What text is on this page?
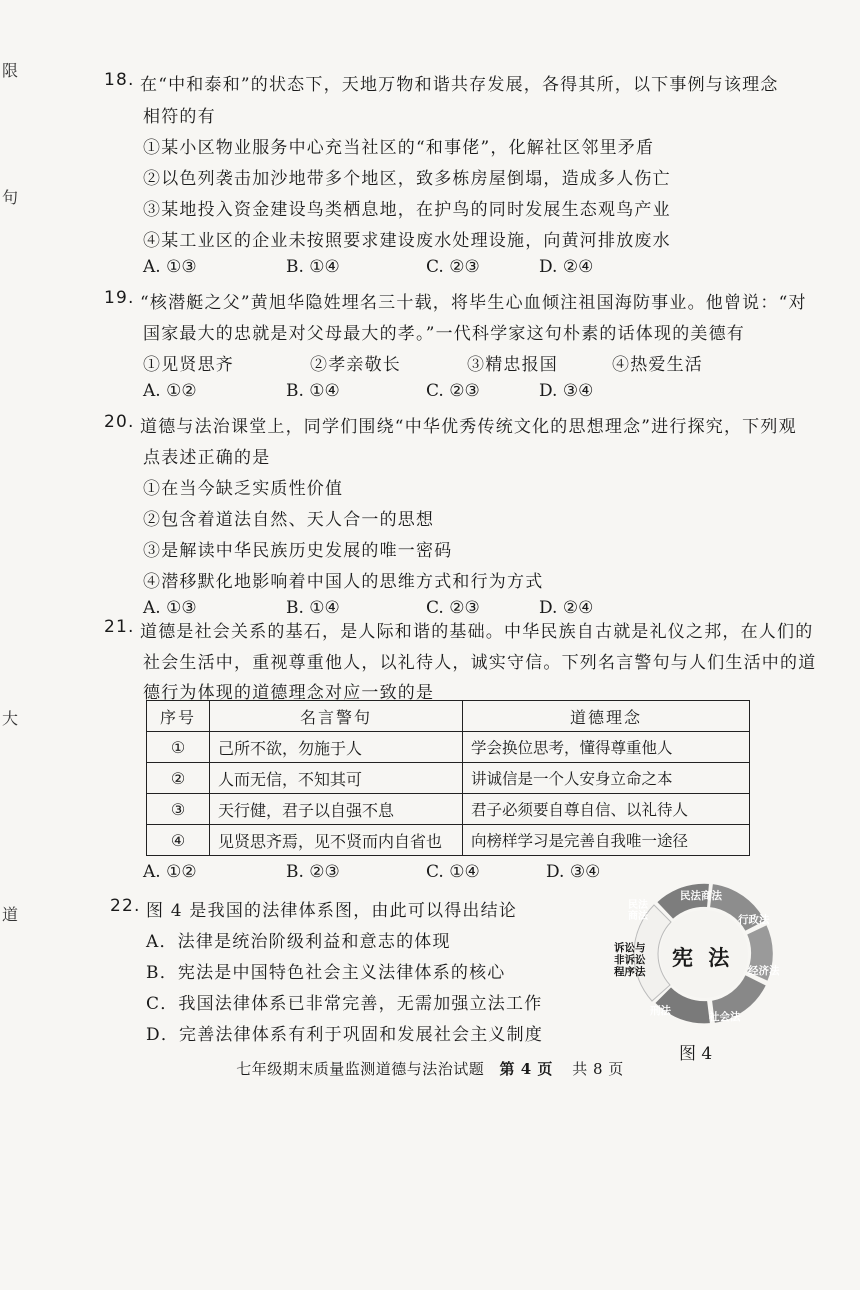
限
句
大
道
18. 在“中和泰和”的状态下，天地万物和谐共存发展，各得其所，以下事例与该理念
相符的有
①某小区物业服务中心充当社区的“和事佬”，化解社区邻里矛盾
②以色列袭击加沙地带多个地区，致多栋房屋倒塌，造成多人伤亡
③某地投入资金建设鸟类栖息地，在护鸟的同时发展生态观鸟产业
④某工业区的企业未按照要求建设废水处理设施，向黄河排放废水
A. ①③	B. ①④	C. ②③	D. ②④
19. “核潜艇之父”黄旭华隐姓埋名三十载，将毕生心血倾注祖国海防事业。他曾说：“对
国家最大的忠就是对父母最大的孝。”一代科学家这句朴素的话体现的美德有
①见贤思齐	②孝亲敬长	③精忠报国	④热爱生活
A. ①②	B. ①④	C. ②③	D. ③④
20. 道德与法治课堂上，同学们围绕“中华优秀传统文化的思想理念”进行探究，下列观
点表述正确的是
①在当今缺乏实质性价值
②包含着道法自然、天人合一的思想
③是解读中华民族历史发展的唯一密码
④潜移默化地影响着中国人的思维方式和行为方式
A. ①③	B. ①④	C. ②③	D. ②④
21. 道德是社会关系的基石，是人际和谐的基础。中华民族自古就是礼仪之邦，在人们的
社会生活中，重视尊重他人，以礼待人，诚实守信。下列名言警句与人们生活中的道
德行为体现的道德理念对应一致的是
序号	名言警句	道德理念
①	己所不欲，勿施于人	学会换位思考，懂得尊重他人
②	人而无信，不知其可	讲诚信是一个人安身立命之本
③	天行健，君子以自强不息	君子必须要自尊自信、以礼待人
④	见贤思齐焉，见不贤而内自省也	向榜样学习是完善自我唯一途径
A. ①②	B. ②③	C. ①④	D. ③④
22. 图 4 是我国的法律体系图，由此可以得出结论
A．法律是统治阶级利益和意志的体现
B．宪法是中国特色社会主义法律体系的核心
C．我国法律体系已非常完善，无需加强立法工作
D．完善法律体系有利于巩固和发展社会主义制度
宪 法
民法
商法
民法商法
行政法
经济法
社会法
刑法
诉讼与
非诉讼
程序法
图 4
七年级期末质量监测道德与法治试题 第 4 页 共 8 页
